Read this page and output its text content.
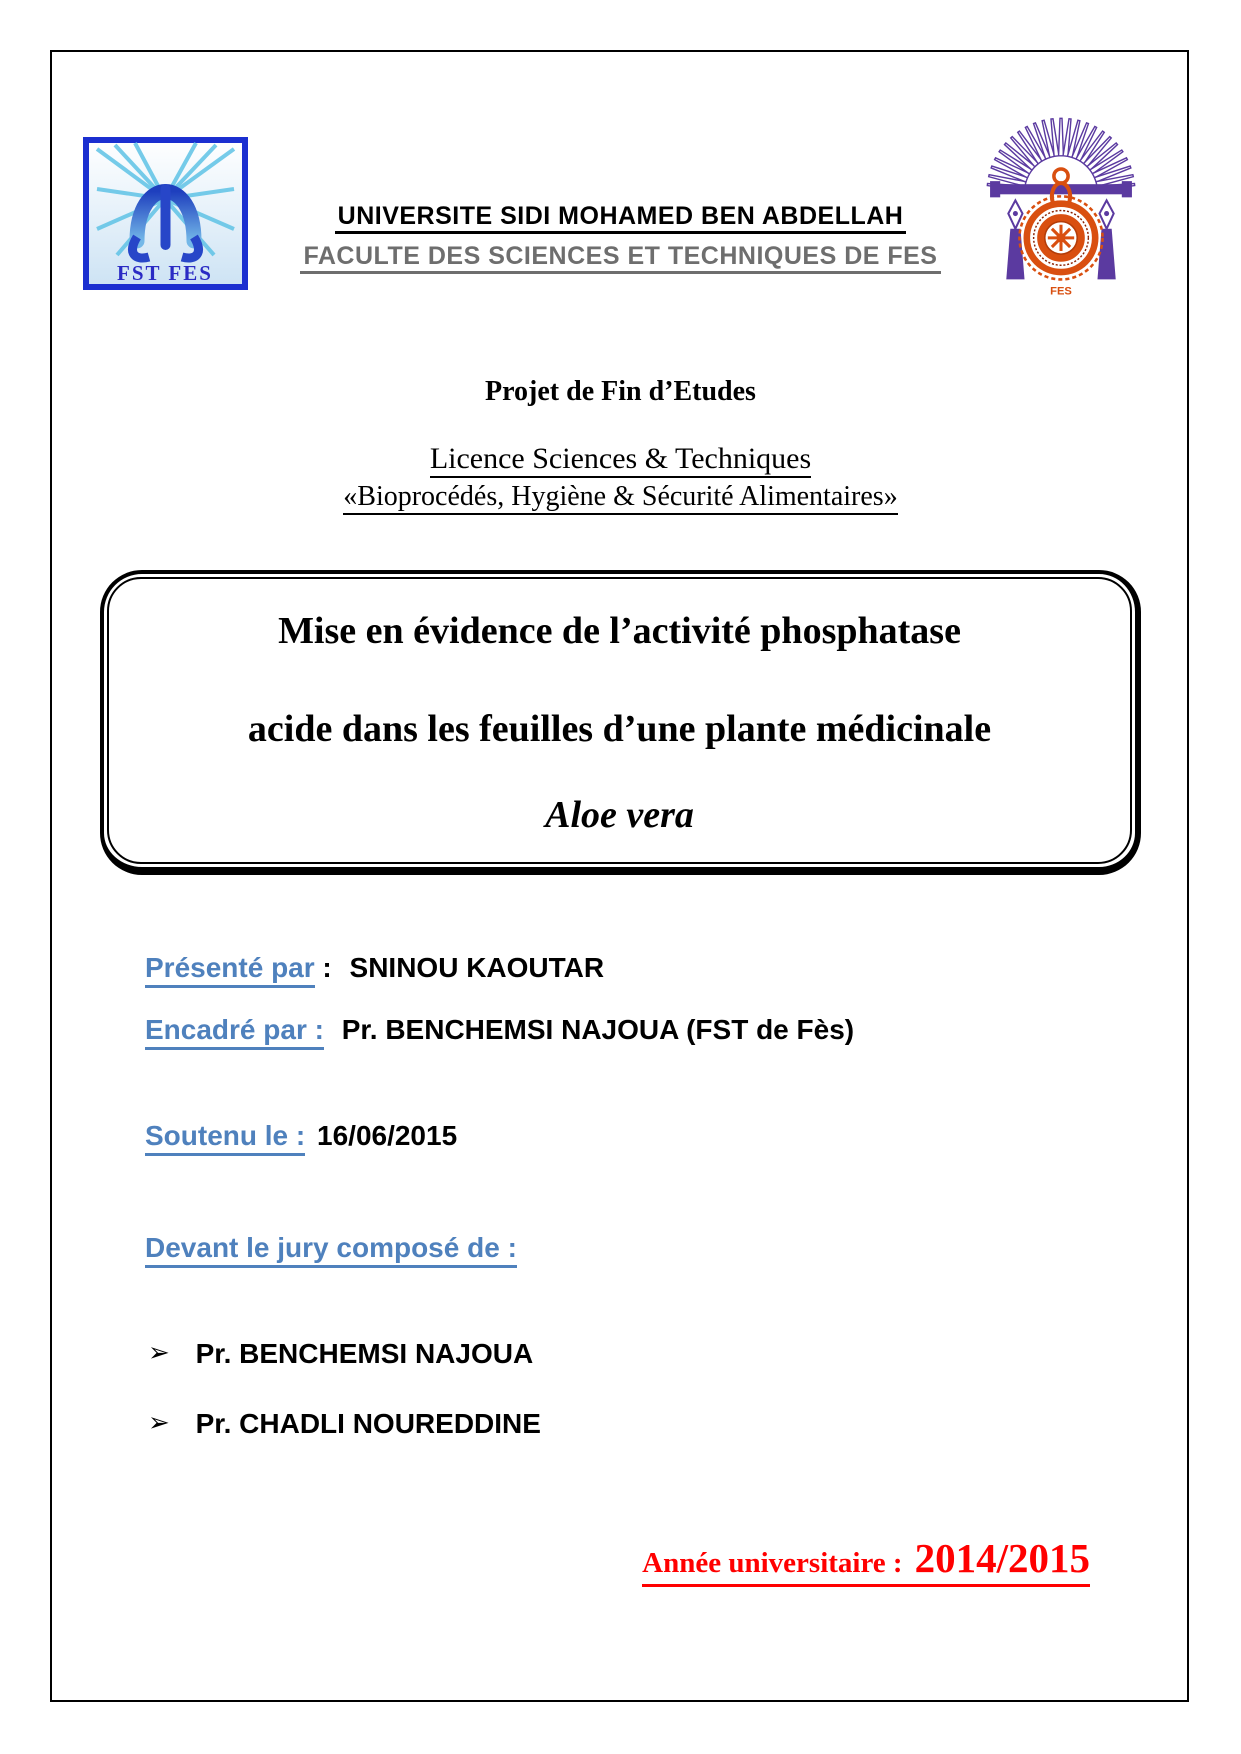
FST FES
FES
UNIVERSITE SIDI MOHAMED BEN ABDELLAH
FACULTE DES SCIENCES ET TECHNIQUES DE FES
Projet de Fin d’Etudes
Licence Sciences & Techniques
«Bioprocédés, Hygiène & Sécurité Alimentaires»
Mise en évidence de l’activité phosphatase
acide dans les feuilles d’une plante médicinale
Aloe vera
Présenté par : SNINOU KAOUTAR
Encadré par : Pr. BENCHEMSI NAJOUA (FST de Fès)
Soutenu le : 16/06/2015
Devant le jury composé de :
➢ Pr. BENCHEMSI NAJOUA
➢ Pr. CHADLI NOUREDDINE
Année universitaire : 2014/2015
